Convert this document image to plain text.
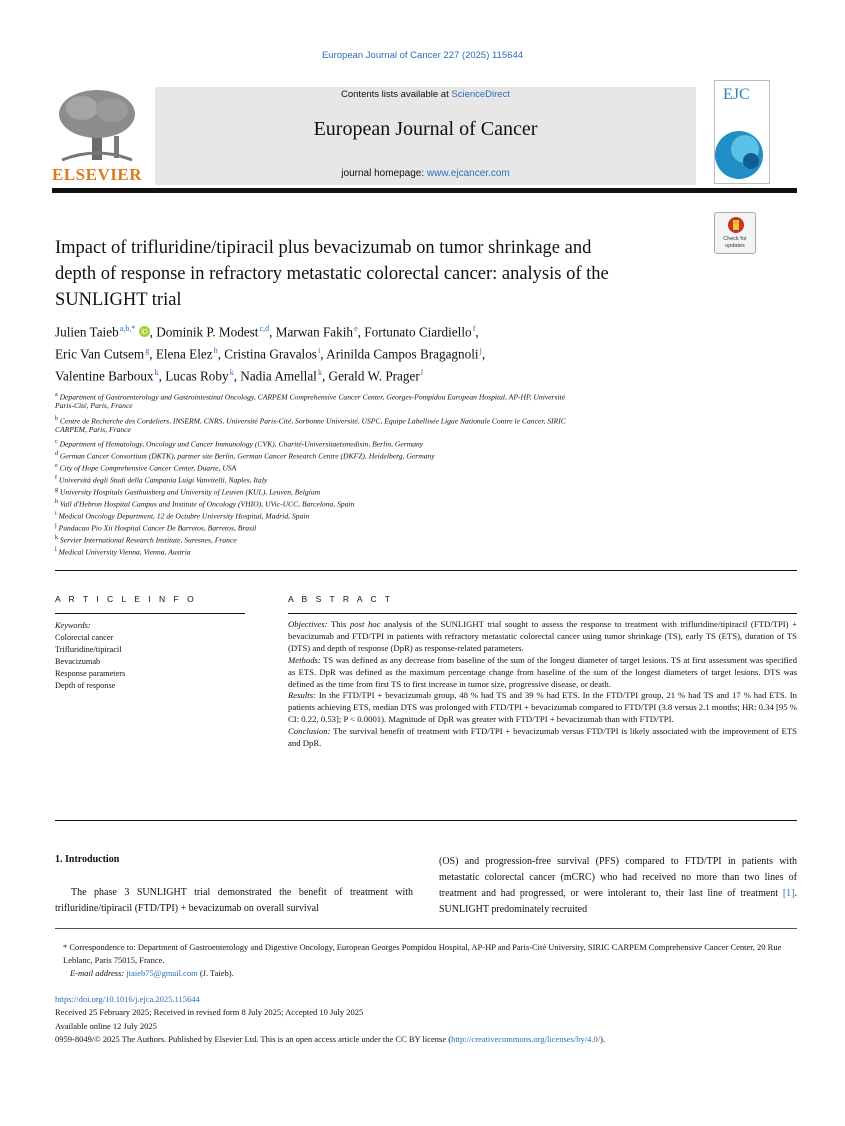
European Journal of Cancer 227 (2025) 115644
ELSEVIER
Contents lists available at ScienceDirect
European Journal of Cancer
journal homepage: www.ejcancer.com
EJC
Check for
updates
Impact of trifluridine/tipiracil plus bevacizumab on tumor shrinkage and
depth of response in refractory metastatic colorectal cancer: analysis of the
SUNLIGHT trial
Julien Taieb $^{a,b,*}$ iD , Dominik P. Modest $^{c,d}$, Marwan Fakih $^e$, Fortunato Ciardiello $^f$,
Eric Van Cutsem $^g$, Elena Elez $^h$, Cristina Gravalos $^i$, Arinilda Campos Bragagnoli $^j$,
Valentine Barboux $^k$, Lucas Roby $^k$, Nadia Amellal $^k$, Gerald W. Prager $^l$
$^a$ Department of Gastroenterology and Gastrointestinal Oncology, CARPEM Comprehensive Cancer Center, Georges-Pompidou European Hospital, AP-HP, Université
Paris-Cité, Paris, France
$^b$ Centre de Recherche des Cordeliers, INSERM, CNRS, Université Paris-Cité, Sorbonne Université, USPC, Equipe Labellisée Ligue Nationale Contre le Cancer, SIRIC
CARPEM, Paris, France
$^c$ Department of Hematology, Oncology and Cancer Immunology (CVK), Charité-Universitaetsmedisin, Berlin, Germany
$^d$ German Cancer Consortium (DKTK), partner site Berlin, German Cancer Research Centre (DKFZ), Heidelberg, Germany
$^e$ City of Hope Comprehensive Cancer Center, Duarte, USA
$^f$ Università degli Studi della Campania Luigi Vanvitelli, Naples, Italy
$^g$ University Hospitals Gasthuisberg and University of Leuven (KUL), Leuven, Belgium
$^h$ Vall d'Hebron Hospital Campus and Institute of Oncology (VHIO), UVic-UCC, Barcelona, Spain
$^i$ Medical Oncology Department, 12 de Octubre University Hospital, Madrid, Spain
$^j$ Pundacao Pio Xii Hospital Cancer De Barretos, Barretos, Brasil
$^k$ Servier International Research Institute, Suresnes, France
$^l$ Medical University Vienna, Vienna, Austria
A R T I C L E I N F O
Keywords:
Colorectal cancer
Trifluridine/tipiracil
Bevacizumab
Response parameters
Depth of response
A B S T R A C T
Objectives: This post hoc analysis of the SUNLIGHT trial sought to assess the response to treatment with trifluridine/tipiracil (FTD/TPI) + bevacizumab and FTD/TPI in patients with refractory metastatic colorectal cancer using tumor shrinkage (TS), early TS (ETS), duration of TS (DTS) and depth of response (DpR) as response-related parameters.
Methods: TS was defined as any decrease from baseline of the sum of the longest diameter of target lesions. TS at first assessment was specified as ETS. DpR was defined as the maximum percentage change from baseline of the sum of the longest diameters of target lesions. DTS was defined as the time from first TS to first increase in tumor size, progressive disease, or death.
Results: In the FTD/TPI + bevacizumab group, 48 % had TS and 39 % had ETS. In the FTD/TPI group, 21 % had TS and 17 % had ETS. In patients achieving ETS, median DTS was prolonged with FTD/TPI + bevacizumab compared to FTD/TPI (3.8 versus 2.1 months; HR: 0.34 [95 % CI: 0.22, 0.53]; P < 0.0001). Magnitude of DpR was greater with FTD/TPI + bevacizumab than with FTD/TPI.
Conclusion: The survival benefit of treatment with FTD/TPI + bevacizumab versus FTD/TPI is likely associated with the improvement of ETS and DpR.
1. Introduction
The phase 3 SUNLIGHT trial demonstrated the benefit of treatment with trifluridine/tipiracil (FTD/TPI) + bevacizumab on overall survival
(OS) and progression-free survival (PFS) compared to FTD/TPI in patients with metastatic colorectal cancer (mCRC) who had received no more than two lines of treatment and had progressed, or were intolerant to, their last line of treatment [1]. SUNLIGHT predominately recruited
* Correspondence to: Department of Gastroenterology and Digestive Oncology, European Georges Pompidou Hospital, AP-HP and Paris-Cité University, SIRIC CARPEM Comprehensive Cancer Center, 20 Rue Leblanc, Paris 75015, France.
E-mail address: jtaieb75@gmail.com (J. Taieb).
https://doi.org/10.1016/j.ejca.2025.115644
Received 25 February 2025; Received in revised form 8 July 2025; Accepted 10 July 2025
Available online 12 July 2025
0959-8049/© 2025 The Authors. Published by Elsevier Ltd. This is an open access article under the CC BY license (http://creativecommons.org/licenses/by/4.0/).
